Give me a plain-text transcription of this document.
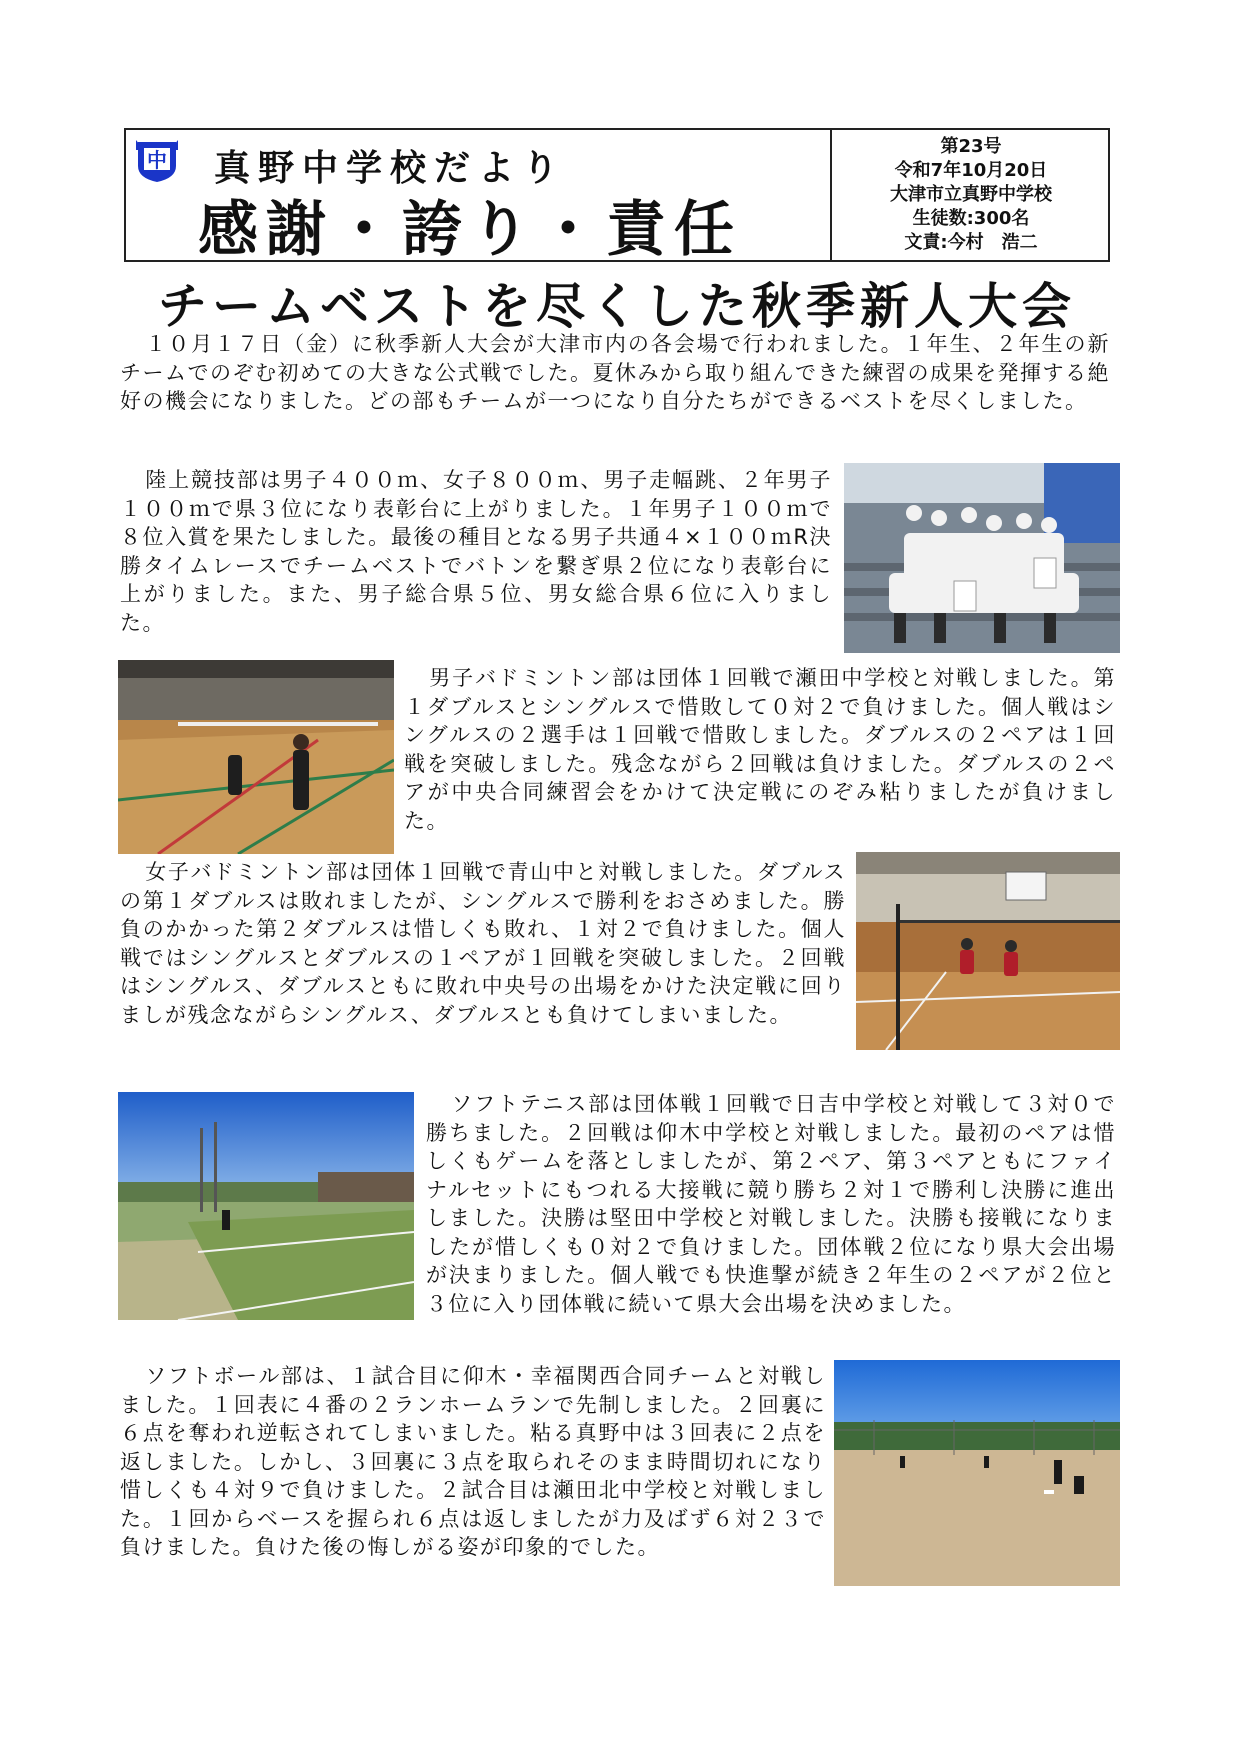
中 真野中学校だより
感謝・誇り・責任
第23号
令和7年10月20日
大津市立真野中学校
生徒数:300名
文責:今村　浩二
チームベストを尽くした秋季新人大会

１０月１７日（金）に秋季新人大会が大津市内の各会場で行われました。１年生、２年生の新チームでのぞむ初めての大きな公式戦でした。夏休みから取り組んできた練習の成果を発揮する絶好の機会になりました。どの部もチームが一つになり自分たちができるベストを尽くしました。

陸上競技部は男子４００ｍ、女子８００ｍ、男子走幅跳、２年男子１００ｍで県３位になり表彰台に上がりました。１年男子１００ｍで８位入賞を果たしました。最後の種目となる男子共通４×１００ｍR決勝タイムレースでチームベストでバトンを繋ぎ県２位になり表彰台に上がりました。また、男子総合県５位、男女総合県６位に入りました。

男子バドミントン部は団体１回戦で瀬田中学校と対戦しました。第１ダブルスとシングルスで惜敗して０対２で負けました。個人戦はシングルスの２選手は１回戦で惜敗しました。ダブルスの２ペアは１回戦を突破しました。残念ながら２回戦は負けました。ダブルスの２ペアが中央合同練習会をかけて決定戦にのぞみ粘りましたが負けました。

女子バドミントン部は団体１回戦で青山中と対戦しました。ダブルスの第１ダブルスは敗れましたが、シングルスで勝利をおさめました。勝負のかかった第２ダブルスは惜しくも敗れ、１対２で負けました。個人戦ではシングルスとダブルスの１ペアが１回戦を突破しました。２回戦はシングルス、ダブルスともに敗れ中央号の出場をかけた決定戦に回りましが残念ながらシングルス、ダブルスとも負けてしまいました。

ソフトテニス部は団体戦１回戦で日吉中学校と対戦して３対０で勝ちました。２回戦は仰木中学校と対戦しました。最初のペアは惜しくもゲームを落としましたが、第２ペア、第３ペアともにファイナルセットにもつれる大接戦に競り勝ち２対１で勝利し決勝に進出しました。決勝は堅田中学校と対戦しました。決勝も接戦になりましたが惜しくも０対２で負けました。団体戦２位になり県大会出場が決まりました。個人戦でも快進撃が続き２年生の２ペアが２位と３位に入り団体戦に続いて県大会出場を決めました。

ソフトボール部は、１試合目に仰木・幸福関西合同チームと対戦しました。１回表に４番の２ランホームランで先制しました。２回裏に６点を奪われ逆転されてしまいました。粘る真野中は３回表に２点を返しました。しかし、３回裏に３点を取られそのまま時間切れになり惜しくも４対９で負けました。２試合目は瀬田北中学校と対戦しました。１回からベースを握られ６点は返しましたが力及ばず６対２３で負けました。負けた後の悔しがる姿が印象的でした。
